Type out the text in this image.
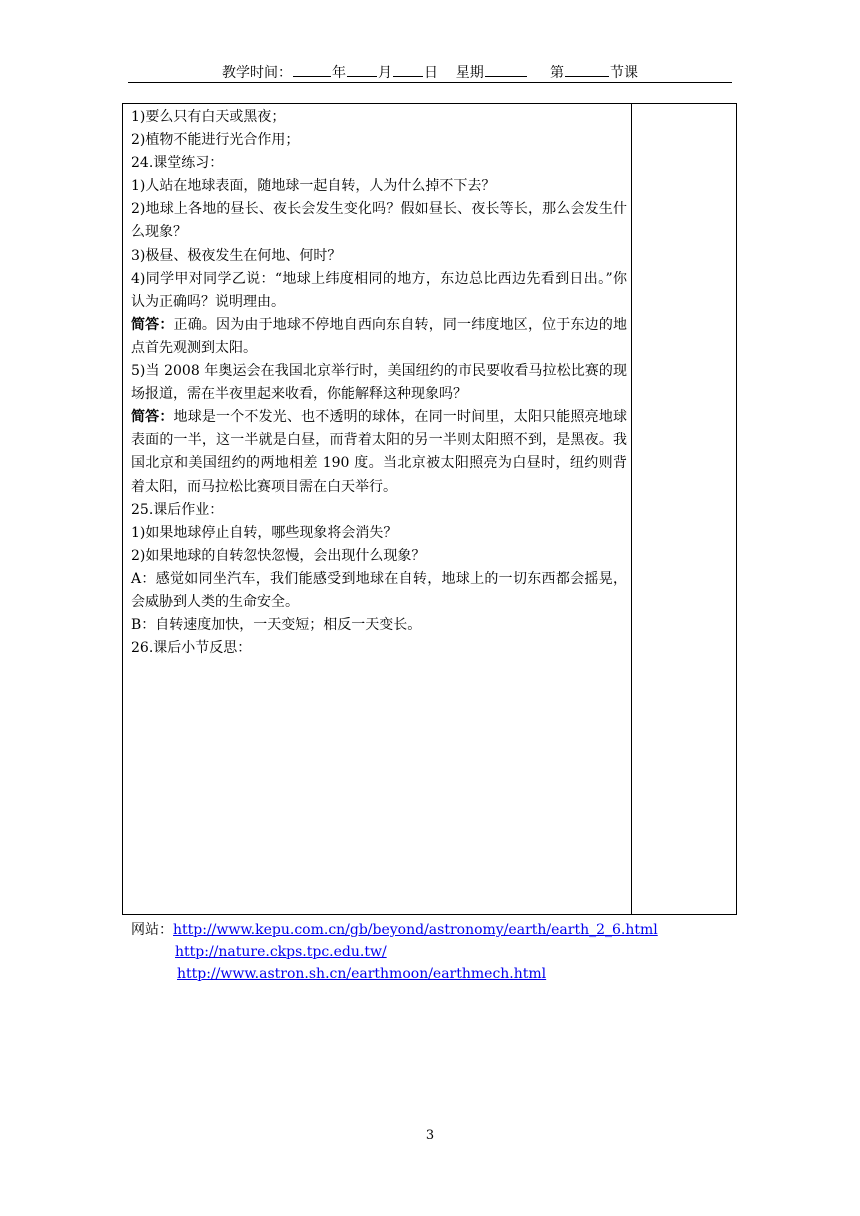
教学时间：	年 月 日 星期	第	节课
1)要么只有白天或黑夜；
2)植物不能进行光合作用；
24.课堂练习：
1)人站在地球表面，随地球一起自转，人为什么掉不下去？
2)地球上各地的昼长、夜长会发生变化吗？假如昼长、夜长等长，那么会发生什么现象？
3)极昼、极夜发生在何地、何时？
4)同学甲对同学乙说：“地球上纬度相同的地方，东边总比西边先看到日出。”你认为正确吗？说明理由。
简答：正确。因为由于地球不停地自西向东自转，同一纬度地区，位于东边的地点首先观测到太阳。
5)当 2008 年奥运会在我国北京举行时，美国纽约的市民要收看马拉松比赛的现场报道，需在半夜里起来收看，你能解释这种现象吗？
简答：地球是一个不发光、也不透明的球体，在同一时间里，太阳只能照亮地球表面的一半，这一半就是白昼，而背着太阳的另一半则太阳照不到，是黑夜。我国北京和美国纽约的两地相差 190 度。当北京被太阳照亮为白昼时，纽约则背着太阳，而马拉松比赛项目需在白天举行。
25.课后作业：
1)如果地球停止自转，哪些现象将会消失？
2)如果地球的自转忽快忽慢，会出现什么现象？
A：感觉如同坐汽车，我们能感受到地球在自转，地球上的一切东西都会摇晃，会威胁到人类的生命安全。
B：自转速度加快，一天变短；相反一天变长。
26.课后小节反思：
网站：http://www.kepu.com.cn/gb/beyond/astronomy/earth/earth_2_6.html
http://nature.ckps.tpc.edu.tw/
http://www.astron.sh.cn/earthmoon/earthmech.html
3
